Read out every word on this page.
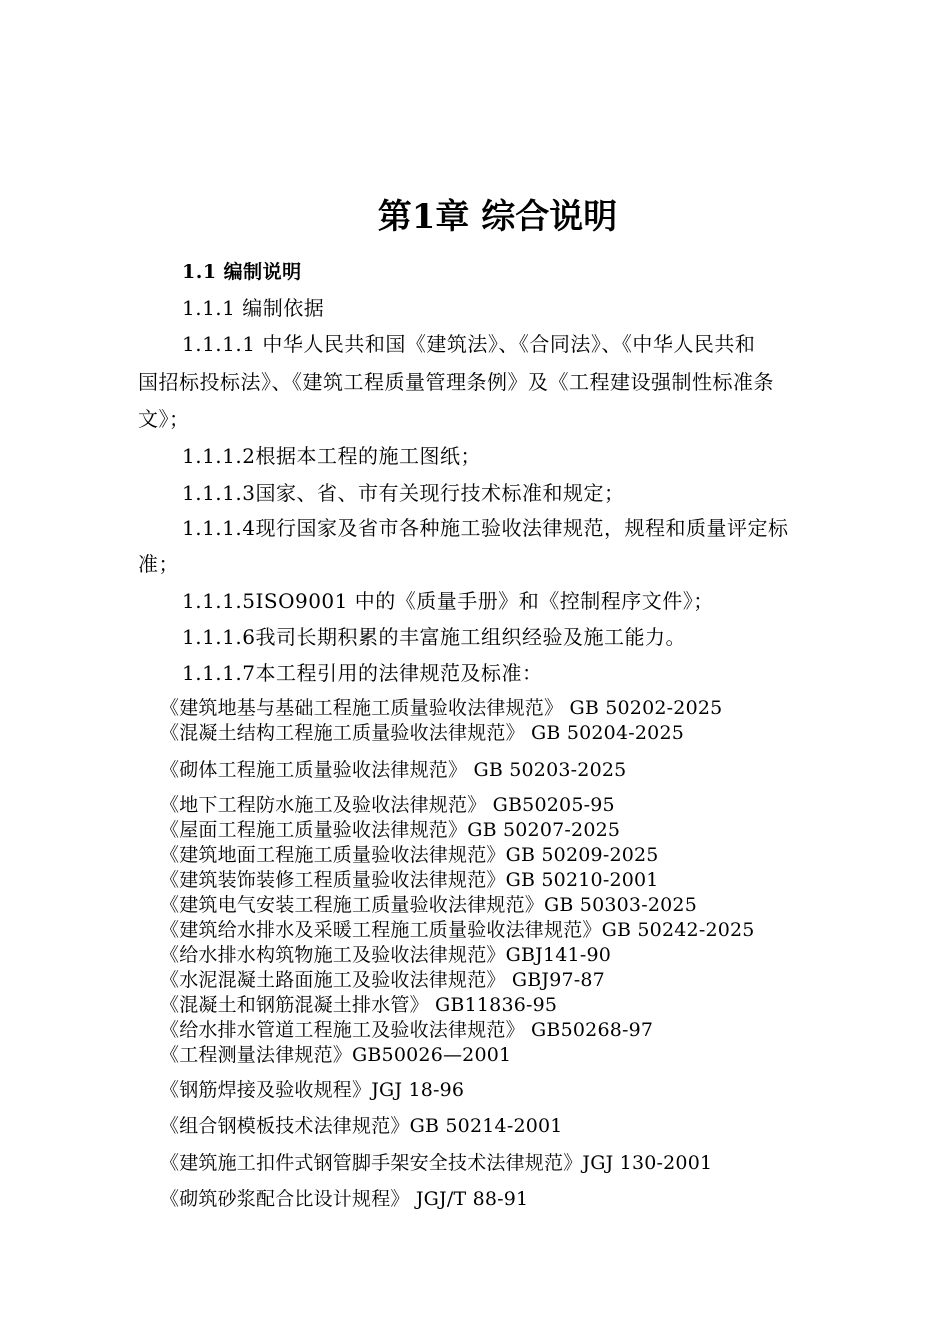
第1章 综合说明

1.1 编制说明

1.1.1 编制依据

1.1.1.1 中华人民共和国《建筑法》、《合同法》、《中华人民共和

国招标投标法》、《建筑工程质量管理条例》及《工程建设强制性标准条

文》；

1.1.1.2根据本工程的施工图纸；

1.1.1.3国家、省、市有关现行技术标准和规定；

1.1.1.4现行国家及省市各种施工验收法律规范，规程和质量评定标

准；

1.1.1.5ISO9001 中的《质量手册》和《控制程序文件》；

1.1.1.6我司长期积累的丰富施工组织经验及施工能力。

1.1.1.7本工程引用的法律规范及标准：

《建筑地基与基础工程施工质量验收法律规范》 GB 50202-2025

《混凝土结构工程施工质量验收法律规范》 GB 50204-2025

《砌体工程施工质量验收法律规范》 GB 50203-2025

《地下工程防水施工及验收法律规范》 GB50205-95

《屋面工程施工质量验收法律规范》GB 50207-2025

《建筑地面工程施工质量验收法律规范》GB 50209-2025

《建筑装饰装修工程质量验收法律规范》GB 50210-2001

《建筑电气安装工程施工质量验收法律规范》GB 50303-2025

《建筑给水排水及采暖工程施工质量验收法律规范》GB 50242-2025

《给水排水构筑物施工及验收法律规范》GBJ141-90

《水泥混凝土路面施工及验收法律规范》 GBJ97-87

《混凝土和钢筋混凝土排水管》 GB11836-95

《给水排水管道工程施工及验收法律规范》 GB50268-97

《工程测量法律规范》GB50026—2001

《钢筋焊接及验收规程》JGJ 18-96

《组合钢模板技术法律规范》GB 50214-2001

《建筑施工扣件式钢管脚手架安全技术法律规范》JGJ 130-2001

《砌筑砂浆配合比设计规程》 JGJ/T 88-91
